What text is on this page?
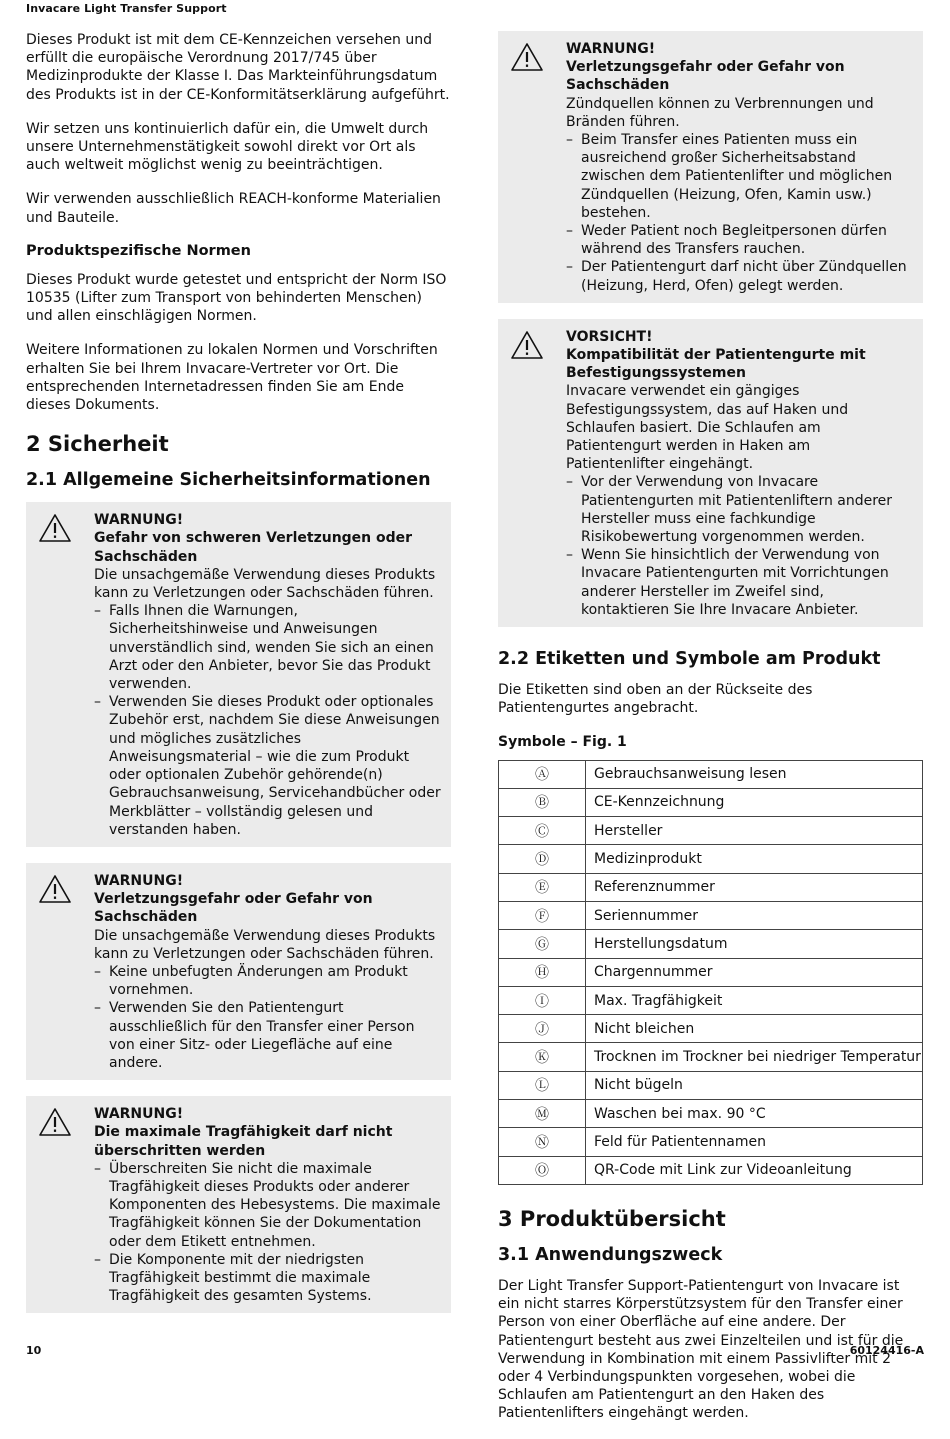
Invacare Light Transfer Support

Dieses Produkt ist mit dem CE-Kennzeichen versehen und erfüllt die europäische Verordnung 2017/745 über Medizinprodukte der Klasse I. Das Markteinführungsdatum des Produkts ist in der CE-Konformitätserklärung aufgeführt.

Wir setzen uns kontinuierlich dafür ein, die Umwelt durch unsere Unternehmenstätigkeit sowohl direkt vor Ort als auch weltweit möglichst wenig zu beeinträchtigen.

Wir verwenden ausschließlich REACH-konforme Materialien und Bauteile.

Produktspezifische Normen

Dieses Produkt wurde getestet und entspricht der Norm ISO 10535 (Lifter zum Transport von behinderten Menschen) und allen einschlägigen Normen.

Weitere Informationen zu lokalen Normen und Vorschriften erhalten Sie bei Ihrem Invacare-Vertreter vor Ort. Die entsprechenden Internetadressen finden Sie am Ende dieses Dokuments.

2 Sicherheit
2.1 Allgemeine Sicherheitsinformationen
WARNUNG!
Gefahr von schweren Verletzungen oder Sachschäden
Die unsachgemäße Verwendung dieses Produkts kann zu Verletzungen oder Sachschäden führen.
– Falls Ihnen die Warnungen, Sicherheitshinweise und Anweisungen unverständlich sind, wenden Sie sich an einen Arzt oder den Anbieter, bevor Sie das Produkt verwenden.
– Verwenden Sie dieses Produkt oder optionales Zubehör erst, nachdem Sie diese Anweisungen und mögliches zusätzliches Anweisungsmaterial – wie die zum Produkt oder optionalen Zubehör gehörende(n) Gebrauchsanweisung, Servicehandbücher oder Merkblätter – vollständig gelesen und verstanden haben.
WARNUNG!
Verletzungsgefahr oder Gefahr von Sachschäden
Die unsachgemäße Verwendung dieses Produkts kann zu Verletzungen oder Sachschäden führen.
– Keine unbefugten Änderungen am Produkt vornehmen.
– Verwenden Sie den Patientengurt ausschließlich für den Transfer einer Person von einer Sitz- oder Liegefläche auf eine andere.
WARNUNG!
Die maximale Tragfähigkeit darf nicht überschritten werden
– Überschreiten Sie nicht die maximale Tragfähigkeit dieses Produkts oder anderer Komponenten des Hebesystems. Die maximale Tragfähigkeit können Sie der Dokumentation oder dem Etikett entnehmen.
– Die Komponente mit der niedrigsten Tragfähigkeit bestimmt die maximale Tragfähigkeit des gesamten Systems.
WARNUNG!
Verletzungsgefahr oder Gefahr von Sachschäden
Zündquellen können zu Verbrennungen und Bränden führen.
– Beim Transfer eines Patienten muss ein ausreichend großer Sicherheitsabstand zwischen dem Patientenlifter und möglichen Zündquellen (Heizung, Ofen, Kamin usw.) bestehen.
– Weder Patient noch Begleitpersonen dürfen während des Transfers rauchen.
– Der Patientengurt darf nicht über Zündquellen (Heizung, Herd, Ofen) gelegt werden.
VORSICHT!
Kompatibilität der Patientengurte mit Befestigungssystemen
Invacare verwendet ein gängiges Befestigungssystem, das auf Haken und Schlaufen basiert. Die Schlaufen am Patientengurt werden in Haken am Patientenlifter eingehängt.
– Vor der Verwendung von Invacare Patientengurten mit Patientenliftern anderer Hersteller muss eine fachkundige Risikobewertung vorgenommen werden.
– Wenn Sie hinsichtlich der Verwendung von Invacare Patientengurten mit Vorrichtungen anderer Hersteller im Zweifel sind, kontaktieren Sie Ihre Invacare Anbieter.
2.2 Etiketten und Symbole am Produkt

Die Etiketten sind oben an der Rückseite des Patientengurtes angebracht.

Symbole – Fig. 1
Ⓐ	Gebrauchsanweisung lesen
Ⓑ	CE-Kennzeichnung
Ⓒ	Hersteller
Ⓓ	Medizinprodukt
Ⓔ	Referenznummer
Ⓕ	Seriennummer
Ⓖ	Herstellungsdatum
Ⓗ	Chargennummer
Ⓘ	Max. Tragfähigkeit
Ⓙ	Nicht bleichen
Ⓚ	Trocknen im Trockner bei niedriger Temperatur
Ⓛ	Nicht bügeln
Ⓜ	Waschen bei max. 90 °C
Ⓝ	Feld für Patientennamen
Ⓞ	QR-Code mit Link zur Videoanleitung
3 Produktübersicht
3.1 Anwendungszweck

Der Light Transfer Support-Patientengurt von Invacare ist ein nicht starres Körperstützsystem für den Transfer einer Person von einer Oberfläche auf eine andere. Der Patientengurt besteht aus zwei Einzelteilen und ist für die Verwendung in Kombination mit einem Passivlifter mit 2 oder 4 Verbindungspunkten vorgesehen, wobei die Schlaufen am Patientengurt an den Haken des Patientenlifters eingehängt werden.

10	60124416-A
